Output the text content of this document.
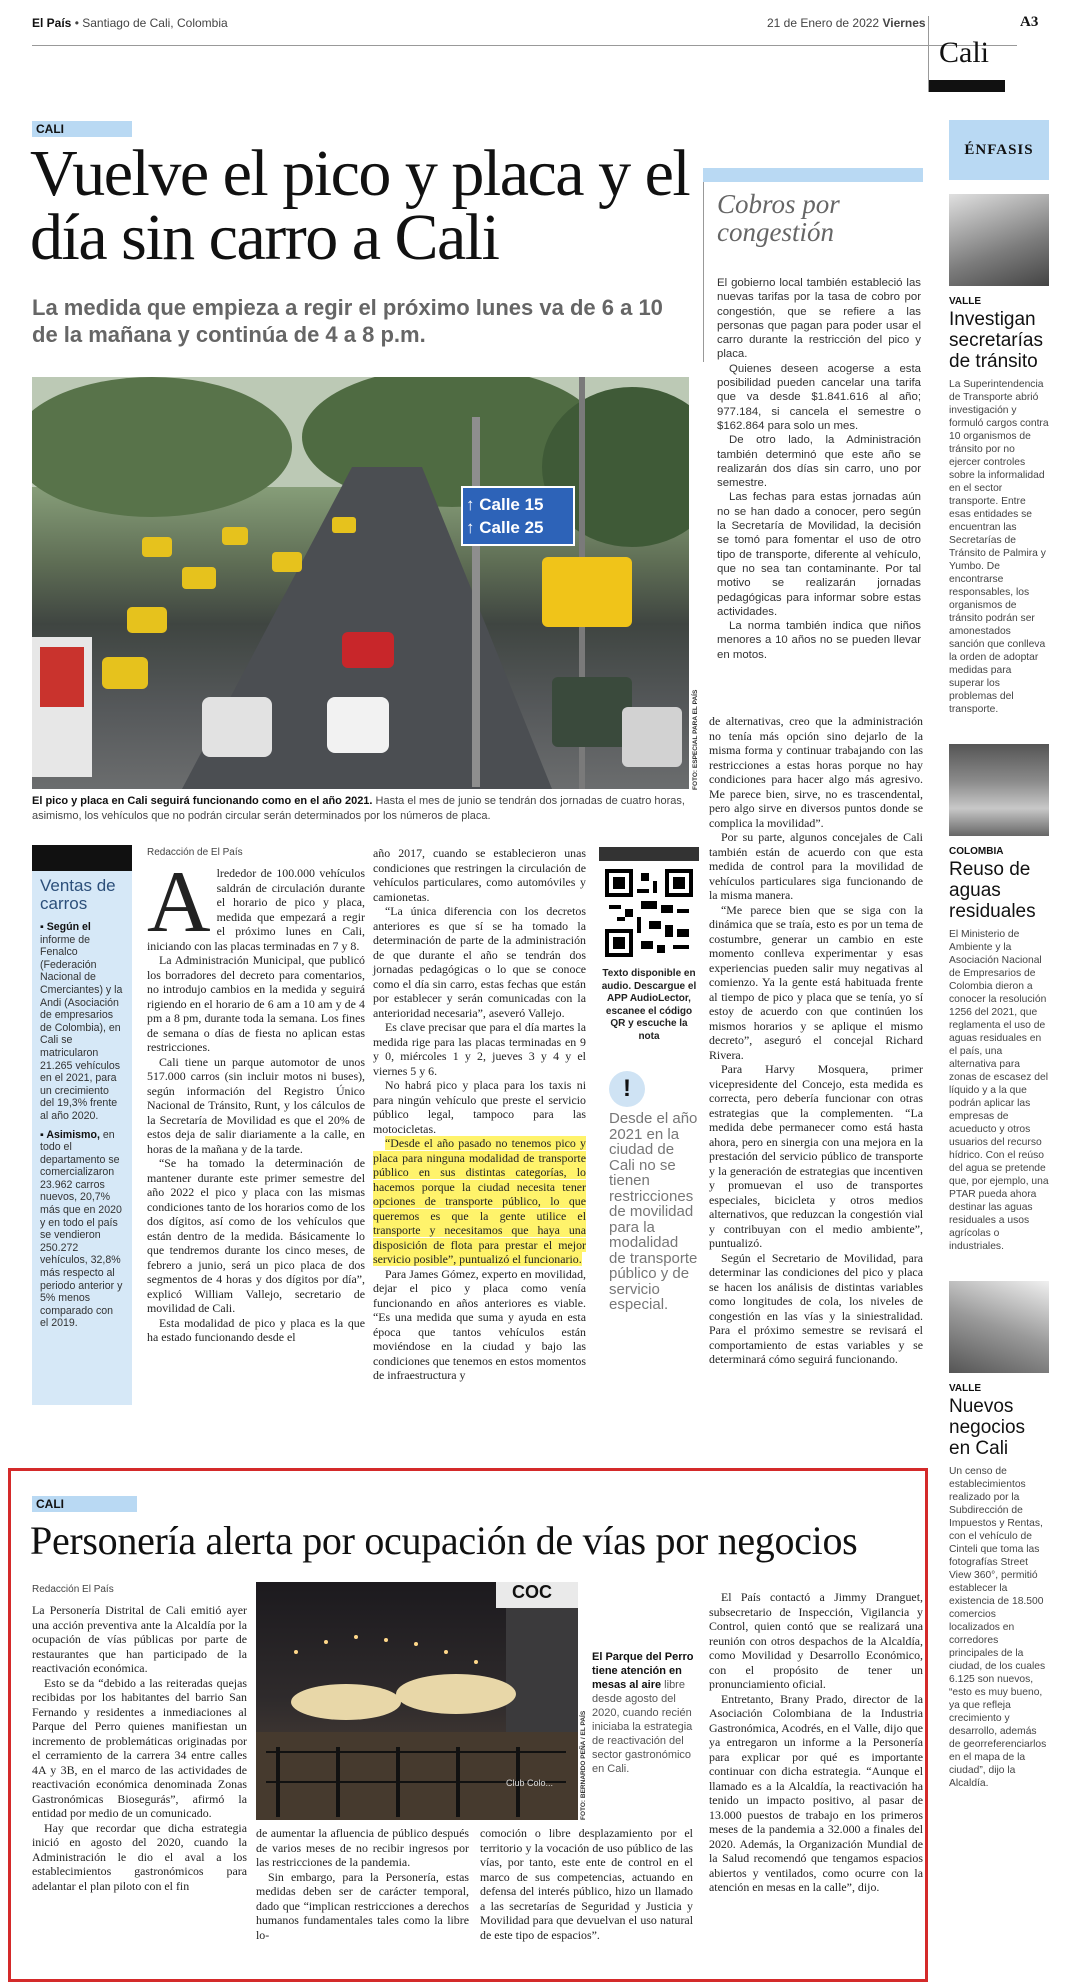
El País • Santiago de Cali, Colombia	21 de Enero de 2022 Viernes	A3
Cali
CALI
Vuelve el pico y placa y el día sin carro a Cali
La medida que empieza a regir el próximo lunes va de 6 a 10 de la mañana y continúa de 4 a 8 p.m.
↑ Calle 15
↑ Calle 25
FOTO: ESPECIAL PARA EL PAÍS
El pico y placa en Cali seguirá funcionando como en el año 2021. Hasta el mes de junio se tendrán dos jornadas de cuatro horas, asimismo, los vehículos que no podrán circular serán determinados por los números de placa.
Cobros por congestión

El gobierno local también estableció las nuevas tarifas por la tasa de cobro por congestión, que se refiere a las personas que pagan para poder usar el carro durante la restricción del pico y placa.

Quienes deseen acogerse a esta posibilidad pueden cancelar una tarifa que va desde $1.841.616 al año; 977.184, si cancela el semestre o $162.864 para solo un mes.

De otro lado, la Administración también determinó que este año se realizarán dos días sin carro, uno por semestre.

Las fechas para estas jornadas aún no se han dado a conocer, pero según la Secretaría de Movilidad, la decisión se tomó para fomentar el uso de otro tipo de transporte, diferente al vehículo, que no sea tan contaminante. Por tal motivo se realizarán jornadas pedagógicas para informar sobre estas actividades.

La norma también indica que niños menores a 10 años no se pueden llevar en motos.

Ventas de carros
▪ Según el informe de Fenalco (Federación Nacional de Cmerciantes) y la Andi (Asociación de empresarios de Colombia), en Cali se matricularon 21.265 vehículos en el 2021, para un crecimiento del 19,3% frente al año 2020.
▪ Asimismo, en todo el departamento se comercializaron 23.962 carros nuevos, 20,7% más que en 2020 y en todo el país se vendieron 250.272 vehículos, 32,8% más respecto al periodo anterior y 5% menos comparado con el 2019.
Redacción de El País
A lrededor de 100.000 vehículos saldrán de circulación durante el horario de pico y placa, medida que empezará a regir el próximo lunes en Cali, iniciando con las placas terminadas en 7 y 8.

La Administración Municipal, que publicó los borradores del decreto para comentarios, no introdujo cambios en la medida y seguirá rigiendo en el horario de 6 am a 10 am y de 4 pm a 8 pm, durante toda la semana. Los fines de semana o días de fiesta no aplican estas restricciones.

Cali tiene un parque automotor de unos 517.000 carros (sin incluir motos ni buses), según información del Registro Único Nacional de Tránsito, Runt, y los cálculos de la Secretaría de Movilidad es que el 20% de estos deja de salir diariamente a la calle, en horas de la mañana y de la tarde.

“Se ha tomado la determinación de mantener durante este primer semestre del año 2022 el pico y placa con las mismas condiciones tanto de los horarios como de los dos dígitos, así como de los vehículos que están dentro de la medida. Básicamente lo que tendremos durante los cinco meses, de febrero a junio, será un pico placa de dos segmentos de 4 horas y dos dígitos por día”, explicó William Vallejo, secretario de movilidad de Cali.

Esta modalidad de pico y placa es la que ha estado funcionando desde el

año 2017, cuando se establecieron unas condiciones que restringen la circulación de vehículos particulares, como automóviles y camionetas.

“La única diferencia con los decretos anteriores es que sí se ha tomado la determinación de parte de la administración de que durante el año se tendrán dos jornadas pedagógicas o lo que se conoce como el día sin carro, estas fechas que están por establecer y serán comunicadas con la anterioridad necesaria”, aseveró Vallejo.

Es clave precisar que para el día martes la medida rige para las placas terminadas en 9 y 0, miércoles 1 y 2, jueves 3 y 4 y el viernes 5 y 6.

No habrá pico y placa para los taxis ni para ningún vehículo que preste el servicio público legal, tampoco para las motocicletas.

“Desde el año pasado no tenemos pico y placa para ninguna modalidad de transporte público en sus distintas categorías, lo hacemos porque la ciudad necesita tener opciones de transporte público, lo que queremos es que la gente utilice el transporte y necesitamos que haya una disposición de flota para prestar el mejor servicio posible”, puntualizó el funcionario.

Para James Gómez, experto en movilidad, dejar el pico y placa como venía funcionando en años anteriores es viable. “Es una medida que suma y ayuda en esta época que tantos vehículos están moviéndose en la ciudad y bajo las condiciones que tenemos en estos momentos de infraestructura y

Texto disponible en audio. Descargue el APP AudioLector, escanee el código QR y escuche la nota
!
Desde el año 2021 en la ciudad de Cali no se tienen restricciones de movilidad para la modalidad de transporte público y de servicio especial.

de alternativas, creo que la administración no tenía más opción sino dejarlo de la misma forma y continuar trabajando con las restricciones a estas horas porque no hay condiciones para hacer algo más agresivo. Me parece bien, sirve, no es trascendental, pero algo sirve en diversos puntos donde se complica la movilidad”.

Por su parte, algunos concejales de Cali también están de acuerdo con que esta medida de control para la movilidad de vehículos particulares siga funcionando de la misma manera.

“Me parece bien que se siga con la dinámica que se traía, esto es por un tema de costumbre, generar un cambio en este momento conlleva experimentar y esas experiencias pueden salir muy negativas al comienzo. Ya la gente está habituada frente al tiempo de pico y placa que se tenía, yo sí estoy de acuerdo con que continúen los mismos horarios y se aplique el mismo decreto”, aseguró el concejal Richard Rivera.

Para Harvy Mosquera, primer vicepresidente del Concejo, esta medida es correcta, pero debería funcionar con otras estrategias que la complementen. “La medida debe permanecer como está hasta ahora, pero en sinergia con una mejora en la prestación del servicio público de transporte y la generación de estrategias que incentiven y promuevan el uso de transportes especiales, bicicleta y otros medios alternativos, que reduzcan la congestión vial y contribuyan con el medio ambiente”, puntualizó.

Según el Secretario de Movilidad, para determinar las condiciones del pico y placa se hacen los análisis de distintas variables como longitudes de cola, los niveles de congestión en las vías y la siniestralidad. Para el próximo semestre se revisará el comportamiento de estas variables y se determinará cómo seguirá funcionando.

CALI
Personería alerta por ocupación de vías por negocios
Redacción El País

La Personería Distrital de Cali emitió ayer una acción preventiva ante la Alcaldía por la ocupación de vías públicas por parte de restaurantes que han participado de la reactivación económica.

Esto se da “debido a las reiteradas quejas recibidas por los habitantes del barrio San Fernando y residentes a inmediaciones al Parque del Perro quienes manifiestan un incremento de problemáticas originadas por el cerramiento de la carrera 34 entre calles 4A y 3B, en el marco de las actividades de reactivación económica denominada Zonas Gastronómicas Biosegurás”, afirmó la entidad por medio de un comunicado.

Hay que recordar que dicha estrategia inició en agosto del 2020, cuando la Administración le dio el aval a los establecimientos gastronómicos para adelantar el plan piloto con el fin

COC
Club Colo...	FOTO: BERNARDO PEÑA / EL PAÍS
El Parque del Perro tiene atención en mesas al aire libre desde agosto del 2020, cuando recién iniciaba la estrategia de reactivación del sector gastronómico en Cali.

de aumentar la afluencia de público después de varios meses de no recibir ingresos por las restricciones de la pandemia.

Sin embargo, para la Personería, estas medidas deben ser de carácter temporal, dado que “implican restricciones a derechos humanos fundamentales tales como la libre lo-

comoción o libre desplazamiento por el territorio y la vocación de uso público de las vías, por tanto, este ente de control en el marco de sus competencias, actuando en defensa del interés público, hizo un llamado a las secretarías de Seguridad y Justicia y Movilidad para que devuelvan el uso natural de este tipo de espacios”.

El País contactó a Jimmy Dranguet, subsecretario de Inspección, Vigilancia y Control, quien contó que se realizará una reunión con otros despachos de la Alcaldía, como Movilidad y Desarrollo Económico, con el propósito de tener un pronunciamiento oficial.

Entretanto, Brany Prado, director de la Asociación Colombiana de la Industria Gastronómica, Acodrés, en el Valle, dijo que ya entregaron un informe a la Personería para explicar por qué es importante continuar con dicha estrategia. “Aunque el llamado es a la Alcaldía, la reactivación ha tenido un impacto positivo, al pasar de 13.000 puestos de trabajo en los primeros meses de la pandemia a 32.000 a finales del 2020. Además, la Organización Mundial de la Salud recomendó que tengamos espacios abiertos y ventilados, como ocurre con la atención en mesas en la calle”, dijo.

ÉNFASIS
VALLE
Investigan secretarías de tránsito
La Superintendencia de Transporte abrió investigación y formuló cargos contra 10 organismos de tránsito por no ejercer controles sobre la informalidad en el sector transporte. Entre esas entidades se encuentran las Secretarías de Tránsito de Palmira y Yumbo. De encontrarse responsables, los organismos de tránsito podrán ser amonestados sanción que conlleva la orden de adoptar medidas para superar los problemas del transporte.
COLOMBIA
Reuso de aguas residuales
El Ministerio de Ambiente y la Asociación Nacional de Empresarios de Colombia dieron a conocer la resolución 1256 del 2021, que reglamenta el uso de aguas residuales en el país, una alternativa para zonas de escasez del líquido y a la que podrán aplicar las empresas de acueducto y otros usuarios del recurso hídrico. Con el reúso del agua se pretende que, por ejemplo, una PTAR pueda ahora destinar las aguas residuales a usos agrícolas o industriales.
VALLE
Nuevos negocios en Cali
Un censo de establecimientos realizado por la Subdirección de Impuestos y Rentas, con el vehículo de Cinteli que toma las fotografías Street View 360°, permitió establecer la existencia de 18.500 comercios localizados en corredores principales de la ciudad, de los cuales 6.125 son nuevos, “esto es muy bueno, ya que refleja crecimiento y desarrollo, además de georreferenciarlos en el mapa de la ciudad”, dijo la Alcaldía.
